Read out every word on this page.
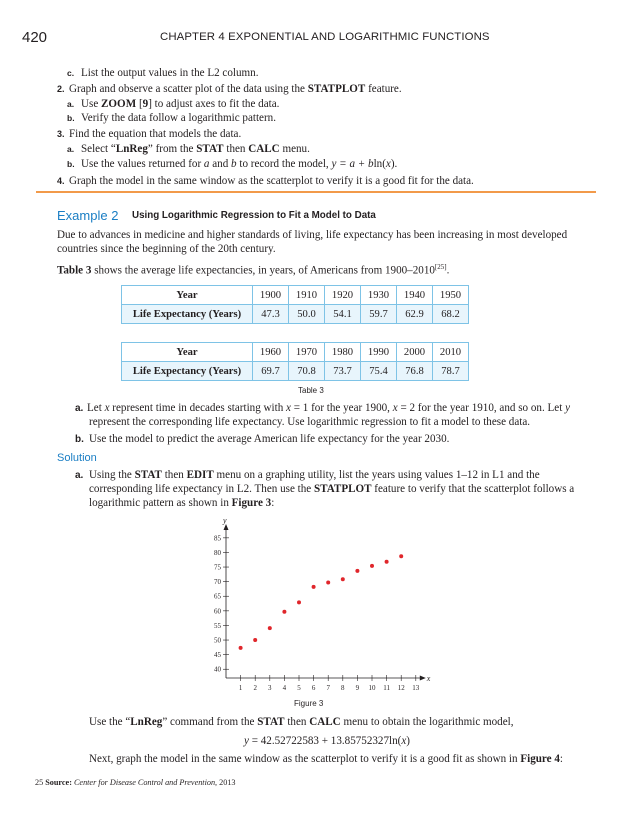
420	CHAPTER 4 EXPONENTIAL AND LOGARITHMIC FUNCTIONS
c. List the output values in the L2 column.
2. Graph and observe a scatter plot of the data using the STATPLOT feature.
a. Use ZOOM [9] to adjust axes to fit the data.
b. Verify the data follow a logarithmic pattern.
3. Find the equation that models the data.
a. Select “LnReg” from the STAT then CALC menu.
b. Use the values returned for a and b to record the model, y = a + bln(x).
4. Graph the model in the same window as the scatterplot to verify it is a good fit for the data.
Example 2 Using Logarithmic Regression to Fit a Model to Data
Due to advances in medicine and higher standards of living, life expectancy has been increasing in most developed countries since the beginning of the 20th century.
Table 3 shows the average life expectancies, in years, of Americans from 1900–2010[25].
Year	1900	1910	1920	1930	1940	1950
Life Expectancy (Years)	47.3	50.0	54.1	59.7	62.9	68.2
Year	1960	1970	1980	1990	2000	2010
Life Expectancy (Years)	69.7	70.8	73.7	75.4	76.8	78.7
Table 3
a. Let x represent time in decades starting with x = 1 for the year 1900, x = 2 for the year 1910, and so on. Let y
represent the corresponding life expectancy. Use logarithmic regression to fit a model to these data.
b. Use the model to predict the average American life expectancy for the year 2030.
Solution
a. Using the STAT then EDIT menu on a graphing utility, list the years using values 1–12 in L1 and the
corresponding life expectancy in L2. Then use the STATPLOT feature to verify that the scatterplot follows a
logarithmic pattern as shown in Figure 3:
x
y
1 2 3 4 5 6 7 8 9 10 11 12 13
40
45
50
55
60
65
70
75
80
85
Figure 3
Use the “LnReg” command from the STAT then CALC menu to obtain the logarithmic model,
y = 42.52722583 + 13.85752327ln(x)
Next, graph the model in the same window as the scatterplot to verify it is a good fit as shown in Figure 4:
25 Source: Center for Disease Control and Prevention, 2013
